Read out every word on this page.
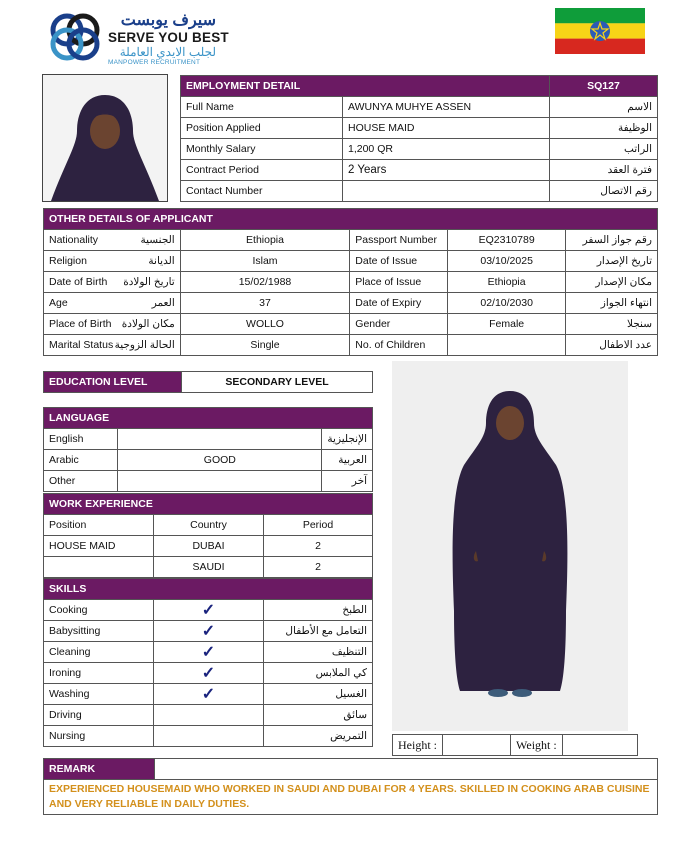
سيرف يوبست
SERVE YOU BEST
لجلب الايدي العاملة
MANPOWER RECRUITMENT
EMPLOYMENT DETAIL		SQ127
Full Name	AWUNYA MUHYE ASSEN	الاسم
Position Applied	HOUSE MAID	الوظيفة
Monthly Salary	1,200 QR	الراتب
Contract Period	2 Years	فترة العقد
Contact Number		رقم الاتصال
OTHER DETAILS OF APPLICANT				

Nationality الجنسية	Ethiopia	Passport Number	EQ2310789	رقم جواز السفر

Religion الديانة	Islam	Date of Issue	03/10/2025	تاريخ الإصدار

Date of Birth تاريخ الولادة	15/02/1988	Place of Issue	Ethiopia	مكان الإصدار

Age العمر	37	Date of Expiry	02/10/2030	انتهاء الجواز

Place of Birth مكان الولادة	WOLLO	Gender	Female	سنجلا

Marital Status الحالة الزوجية	Single	No. of Children		عدد الاطفال
EDUCATION LEVEL	SECONDARY LEVEL
LANGUAGE		
English		الإنجليزية
Arabic	GOOD	العربية
Other		آخر
WORK EXPERIENCE		
Position	Country	Period
HOUSE MAID	DUBAI	2
	SAUDI	2
SKILLS		
Cooking	✓	الطبخ
Babysitting	✓	التعامل مع الأطفال
Cleaning	✓	التنظيف
Ironing	✓	كي الملابس
Washing	✓	الغسيل
Driving		سائق
Nursing		التمريض
Height :		Weight :	
REMARK	
EXPERIENCED HOUSEMAID WHO WORKED IN SAUDI AND DUBAI FOR 4 YEARS. SKILLED IN COOKING ARAB CUISINE AND VERY RELIABLE IN DAILY DUTIES.
